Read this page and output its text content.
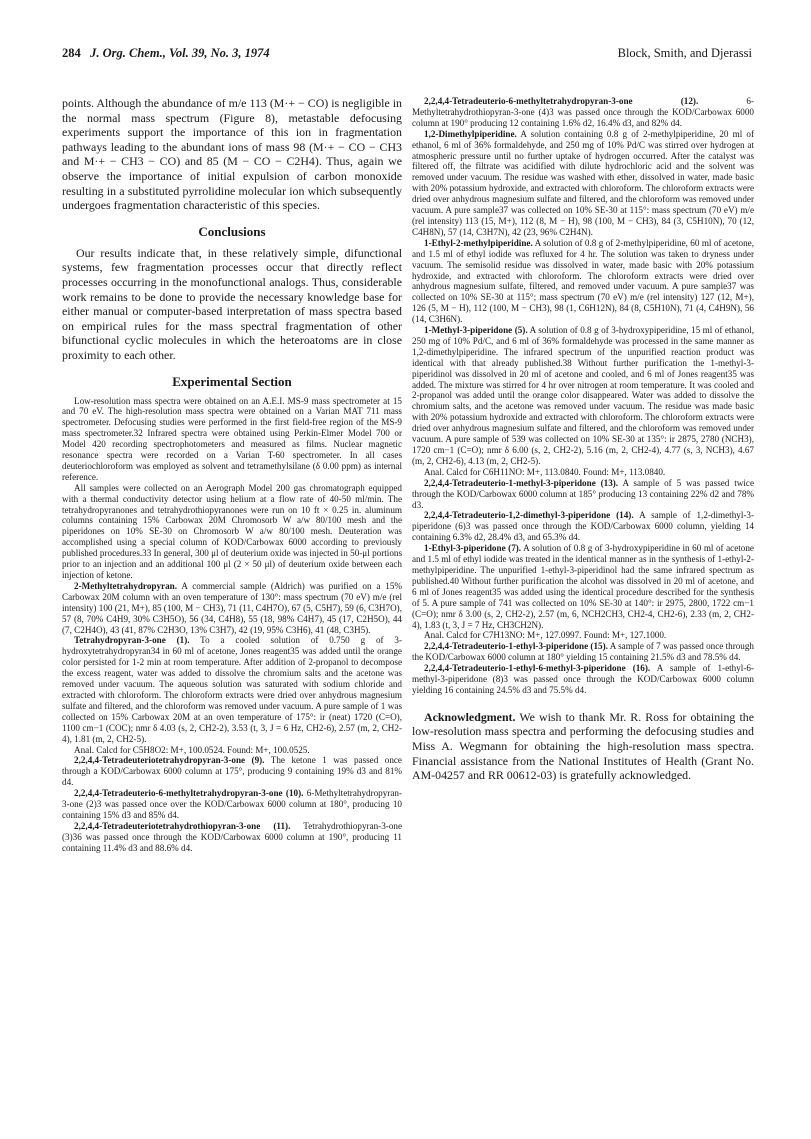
284 J. Org. Chem., Vol. 39, No. 3, 1974	Block, Smith, and Djerassi

points. Although the abundance of m/e 113 (M·+ − CO) is negligible in the normal mass spectrum (Figure 8), metastable defocusing experiments support the importance of this ion in fragmentation pathways leading to the abundant ions of mass 98 (M·+ − CO − CH3 and M·+ − CH3 − CO) and 85 (M − CO − C2H4). Thus, again we observe the importance of initial expulsion of carbon monoxide resulting in a substituted pyrrolidine molecular ion which subsequently undergoes fragmentation characteristic of this species.

Conclusions

Our results indicate that, in these relatively simple, difunctional systems, few fragmentation processes occur that directly reflect processes occurring in the monofunctional analogs. Thus, considerable work remains to be done to provide the necessary knowledge base for either manual or computer-based interpretation of mass spectra based on empirical rules for the mass spectral fragmentation of other bifunctional cyclic molecules in which the heteroatoms are in close proximity to each other.

Experimental Section

Low-resolution mass spectra were obtained on an A.E.I. MS-9 mass spectrometer at 15 and 70 eV. The high-resolution mass spectra were obtained on a Varian MAT 711 mass spectrometer. Defocusing studies were performed in the first field-free region of the MS-9 mass spectrometer.32 Infrared spectra were obtained using Perkin-Elmer Model 700 or Model 420 recording spectrophotometers and measured as films. Nuclear magnetic resonance spectra were recorded on a Varian T-60 spectrometer. In all cases deuteriochloroform was employed as solvent and tetramethylsilane (δ 0.00 ppm) as internal reference.

All samples were collected on an Aerograph Model 200 gas chromatograph equipped with a thermal conductivity detector using helium at a flow rate of 40-50 ml/min. The tetrahydropyranones and tetrahydrothiopyranones were run on 10 ft × 0.25 in. aluminum columns containing 15% Carbowax 20M Chromosorb W a/w 80/100 mesh and the piperidones on 10% SE-30 on Chromosorb W a/w 80/100 mesh. Deuteration was accomplished using a special column of KOD/Carbowax 6000 according to previously published procedures.33 In general, 300 μl of deuterium oxide was injected in 50-μl portions prior to an injection and an additional 100 μl (2 × 50 μl) of deuterium oxide between each injection of ketone.

2-Methyltetrahydropyran. A commercial sample (Aldrich) was purified on a 15% Carbowax 20M column with an oven temperature of 130°: mass spectrum (70 eV) m/e (rel intensity) 100 (21, M+), 85 (100, M − CH3), 71 (11, C4H7O), 67 (5, C5H7), 59 (6, C3H7O), 57 (8, 70% C4H9, 30% C3H5O), 56 (34, C4H8), 55 (18, 98% C4H7), 45 (17, C2H5O), 44 (7, C2H4O), 43 (41, 87% C2H3O, 13% C3H7), 42 (19, 95% C3H6), 41 (48, C3H5).

Tetrahydropyran-3-one (1). To a cooled solution of 0.750 g of 3-hydroxytetrahydropyran34 in 60 ml of acetone, Jones reagent35 was added until the orange color persisted for 1-2 min at room temperature. After addition of 2-propanol to decompose the excess reagent, water was added to dissolve the chromium salts and the acetone was removed under vacuum. The aqueous solution was saturated with sodium chloride and extracted with chloroform. The chloroform extracts were dried over anhydrous magnesium sulfate and filtered, and the chloroform was removed under vacuum. A pure sample of 1 was collected on 15% Carbowax 20M at an oven temperature of 175°: ir (neat) 1720 (C=O), 1100 cm−1 (COC); nmr δ 4.03 (s, 2, CH2-2), 3.53 (t, 3, J = 6 Hz, CH2-6), 2.57 (m, 2, CH2-4), 1.81 (m, 2, CH2-5).

Anal. Calcd for C5H8O2: M+, 100.0524. Found: M+, 100.0525.

2,2,4,4-Tetradeuteriotetrahydropyran-3-one (9). The ketone 1 was passed once through a KOD/Carbowax 6000 column at 175°, producing 9 containing 19% d3 and 81% d4.

2,2,4,4-Tetradeuterio-6-methyltetrahydropyran-3-one (10). 6-Methyltetrahydropyran-3-one (2)3 was passed once over the KOD/Carbowax 6000 column at 180°, producing 10 containing 15% d3 and 85% d4.

2,2,4,4-Tetradeuteriotetrahydrothiopyran-3-one (11). Tetrahydrothiopyran-3-one (3)36 was passed once through the KOD/Carbowax 6000 column at 190°, producing 11 containing 11.4% d3 and 88.6% d4.

2,2,4,4-Tetradeuterio-6-methyltetrahydropyran-3-one (12). 6-Methyltetrahydrothiopyran-3-one (4)3 was passed once through the KOD/Carbowax 6000 column at 190° producing 12 containing 1.6% d2, 16.4% d3, and 82% d4.

1,2-Dimethylpiperidine. A solution containing 0.8 g of 2-methylpiperidine, 20 ml of ethanol, 6 ml of 36% formaldehyde, and 250 mg of 10% Pd/C was stirred over hydrogen at atmospheric pressure until no further uptake of hydrogen occurred. After the catalyst was filtered off, the filtrate was acidified with dilute hydrochloric acid and the solvent was removed under vacuum. The residue was washed with ether, dissolved in water, made basic with 20% potassium hydroxide, and extracted with chloroform. The chloroform extracts were dried over anhydrous magnesium sulfate and filtered, and the chloroform was removed under vacuum. A pure sample37 was collected on 10% SE-30 at 115°: mass spectrum (70 eV) m/e (rel intensity) 113 (15, M+), 112 (8, M − H), 98 (100, M − CH3), 84 (3, C5H10N), 70 (12, C4H8N), 57 (14, C3H7N), 42 (23, 96% C2H4N).

1-Ethyl-2-methylpiperidine. A solution of 0.8 g of 2-methylpiperidine, 60 ml of acetone, and 1.5 ml of ethyl iodide was refluxed for 4 hr. The solution was taken to dryness under vacuum. The semisolid residue was dissolved in water, made basic with 20% potassium hydroxide, and extracted with chloroform. The chloroform extracts were dried over anhydrous magnesium sulfate, filtered, and removed under vacuum. A pure sample37 was collected on 10% SE-30 at 115°; mass spectrum (70 eV) m/e (rel intensity) 127 (12, M+), 126 (5, M − H), 112 (100, M − CH3), 98 (1, C6H12N), 84 (8, C5H10N), 71 (4, C4H9N), 56 (14, C3H6N).

1-Methyl-3-piperidone (5). A solution of 0.8 g of 3-hydroxypiperidine, 15 ml of ethanol, 250 mg of 10% Pd/C, and 6 ml of 36% formaldehyde was processed in the same manner as 1,2-dimethylpiperidine. The infrared spectrum of the unpurified reaction product was identical with that already published.38 Without further purification the 1-methyl-3-piperidinol was dissolved in 20 ml of acetone and cooled, and 6 ml of Jones reagent35 was added. The mixture was stirred for 4 hr over nitrogen at room temperature. It was cooled and 2-propanol was added until the orange color disappeared. Water was added to dissolve the chromium salts, and the acetone was removed under vacuum. The residue was made basic with 20% potassium hydroxide and extracted with chloroform. The chloroform extracts were dried over anhydrous magnesium sulfate and filtered, and the chloroform was removed under vacuum. A pure sample of 539 was collected on 10% SE-30 at 135°: ir 2875, 2780 (NCH3), 1720 cm−1 (C=O); nmr δ 6.00 (s, 2, CH2-2), 5.16 (m, 2, CH2-4), 4.77 (s, 3, NCH3), 4.67 (m, 2, CH2-6), 4.13 (m, 2, CH2-5).

Anal. Calcd for C6H11NO: M+, 113.0840. Found: M+, 113.0840.

2,2,4,4-Tetradeuterio-1-methyl-3-piperidone (13). A sample of 5 was passed twice through the KOD/Carbowax 6000 column at 185° producing 13 containing 22% d2 and 78% d3.

2,2,4,4-Tetradeuterio-1,2-dimethyl-3-piperidone (14). A sample of 1,2-dimethyl-3-piperidone (6)3 was passed once through the KOD/Carbowax 6000 column, yielding 14 containing 6.3% d2, 28.4% d3, and 65.3% d4.

1-Ethyl-3-piperidone (7). A solution of 0.8 g of 3-hydroxypiperidine in 60 ml of acetone and 1.5 ml of ethyl iodide was treated in the identical manner as in the synthesis of 1-ethyl-2-methylpiperidine. The unpurified 1-ethyl-3-piperidinol had the same infrared spectrum as published.40 Without further purification the alcohol was dissolved in 20 ml of acetone, and 6 ml of Jones reagent35 was added using the identical procedure described for the synthesis of 5. A pure sample of 741 was collected on 10% SE-30 at 140°: ir 2975, 2800, 1722 cm−1 (C=O); nmr δ 3.00 (s, 2, CH2-2), 2.57 (m, 6, NCH2CH3, CH2-4, CH2-6), 2.33 (m, 2, CH2-4), 1.83 (t, 3, J = 7 Hz, CH3CH2N).

Anal. Calcd for C7H13NO: M+, 127.0997. Found: M+, 127.1000.

2,2,4,4-Tetradeuterio-1-ethyl-3-piperidone (15). A sample of 7 was passed once through the KOD/Carbowax 6000 column at 180° yielding 15 containing 21.5% d3 and 78.5% d4.

2,2,4,4-Tetradeuterio-1-ethyl-6-methyl-3-piperidone (16). A sample of 1-ethyl-6-methyl-3-piperidone (8)3 was passed once through the KOD/Carbowax 6000 column yielding 16 containing 24.5% d3 and 75.5% d4.

Acknowledgment. We wish to thank Mr. R. Ross for obtaining the low-resolution mass spectra and performing the defocusing studies and Miss A. Wegmann for obtaining the high-resolution mass spectra. Financial assistance from the National Institutes of Health (Grant No. AM-04257 and RR 00612-03) is gratefully acknowledged.
